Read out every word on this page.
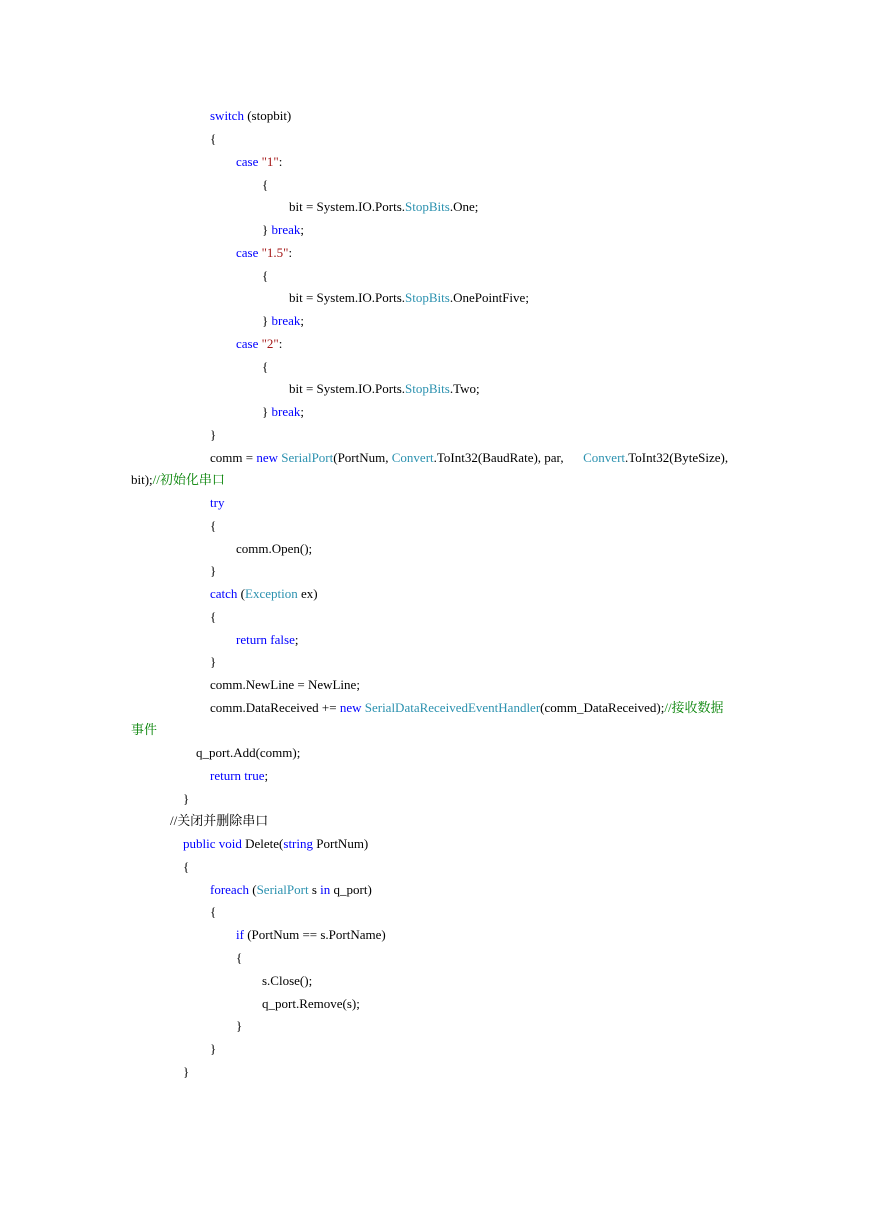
switch (stopbit)
{
case "1":
{
bit = System.IO.Ports.StopBits.One;
} break;
case "1.5":
{
bit = System.IO.Ports.StopBits.OnePointFive;
} break;
case "2":
{
bit = System.IO.Ports.StopBits.Two;
} break;
}
comm = new SerialPort(PortNum, Convert.ToInt32(BaudRate), par,      Convert.ToInt32(ByteSize),
bit);//初始化串口
try
{
comm.Open();
}
catch (Exception ex)
{
return false;
}
comm.NewLine = NewLine;
comm.DataReceived += new SerialDataReceivedEventHandler(comm_DataReceived);//接收数据
事件
q_port.Add(comm);
return true;
}
//关闭并删除串口
public void Delete(string PortNum)
{
foreach (SerialPort s in q_port)
{
if (PortNum == s.PortName)
{
s.Close();
q_port.Remove(s);
}
}
}
